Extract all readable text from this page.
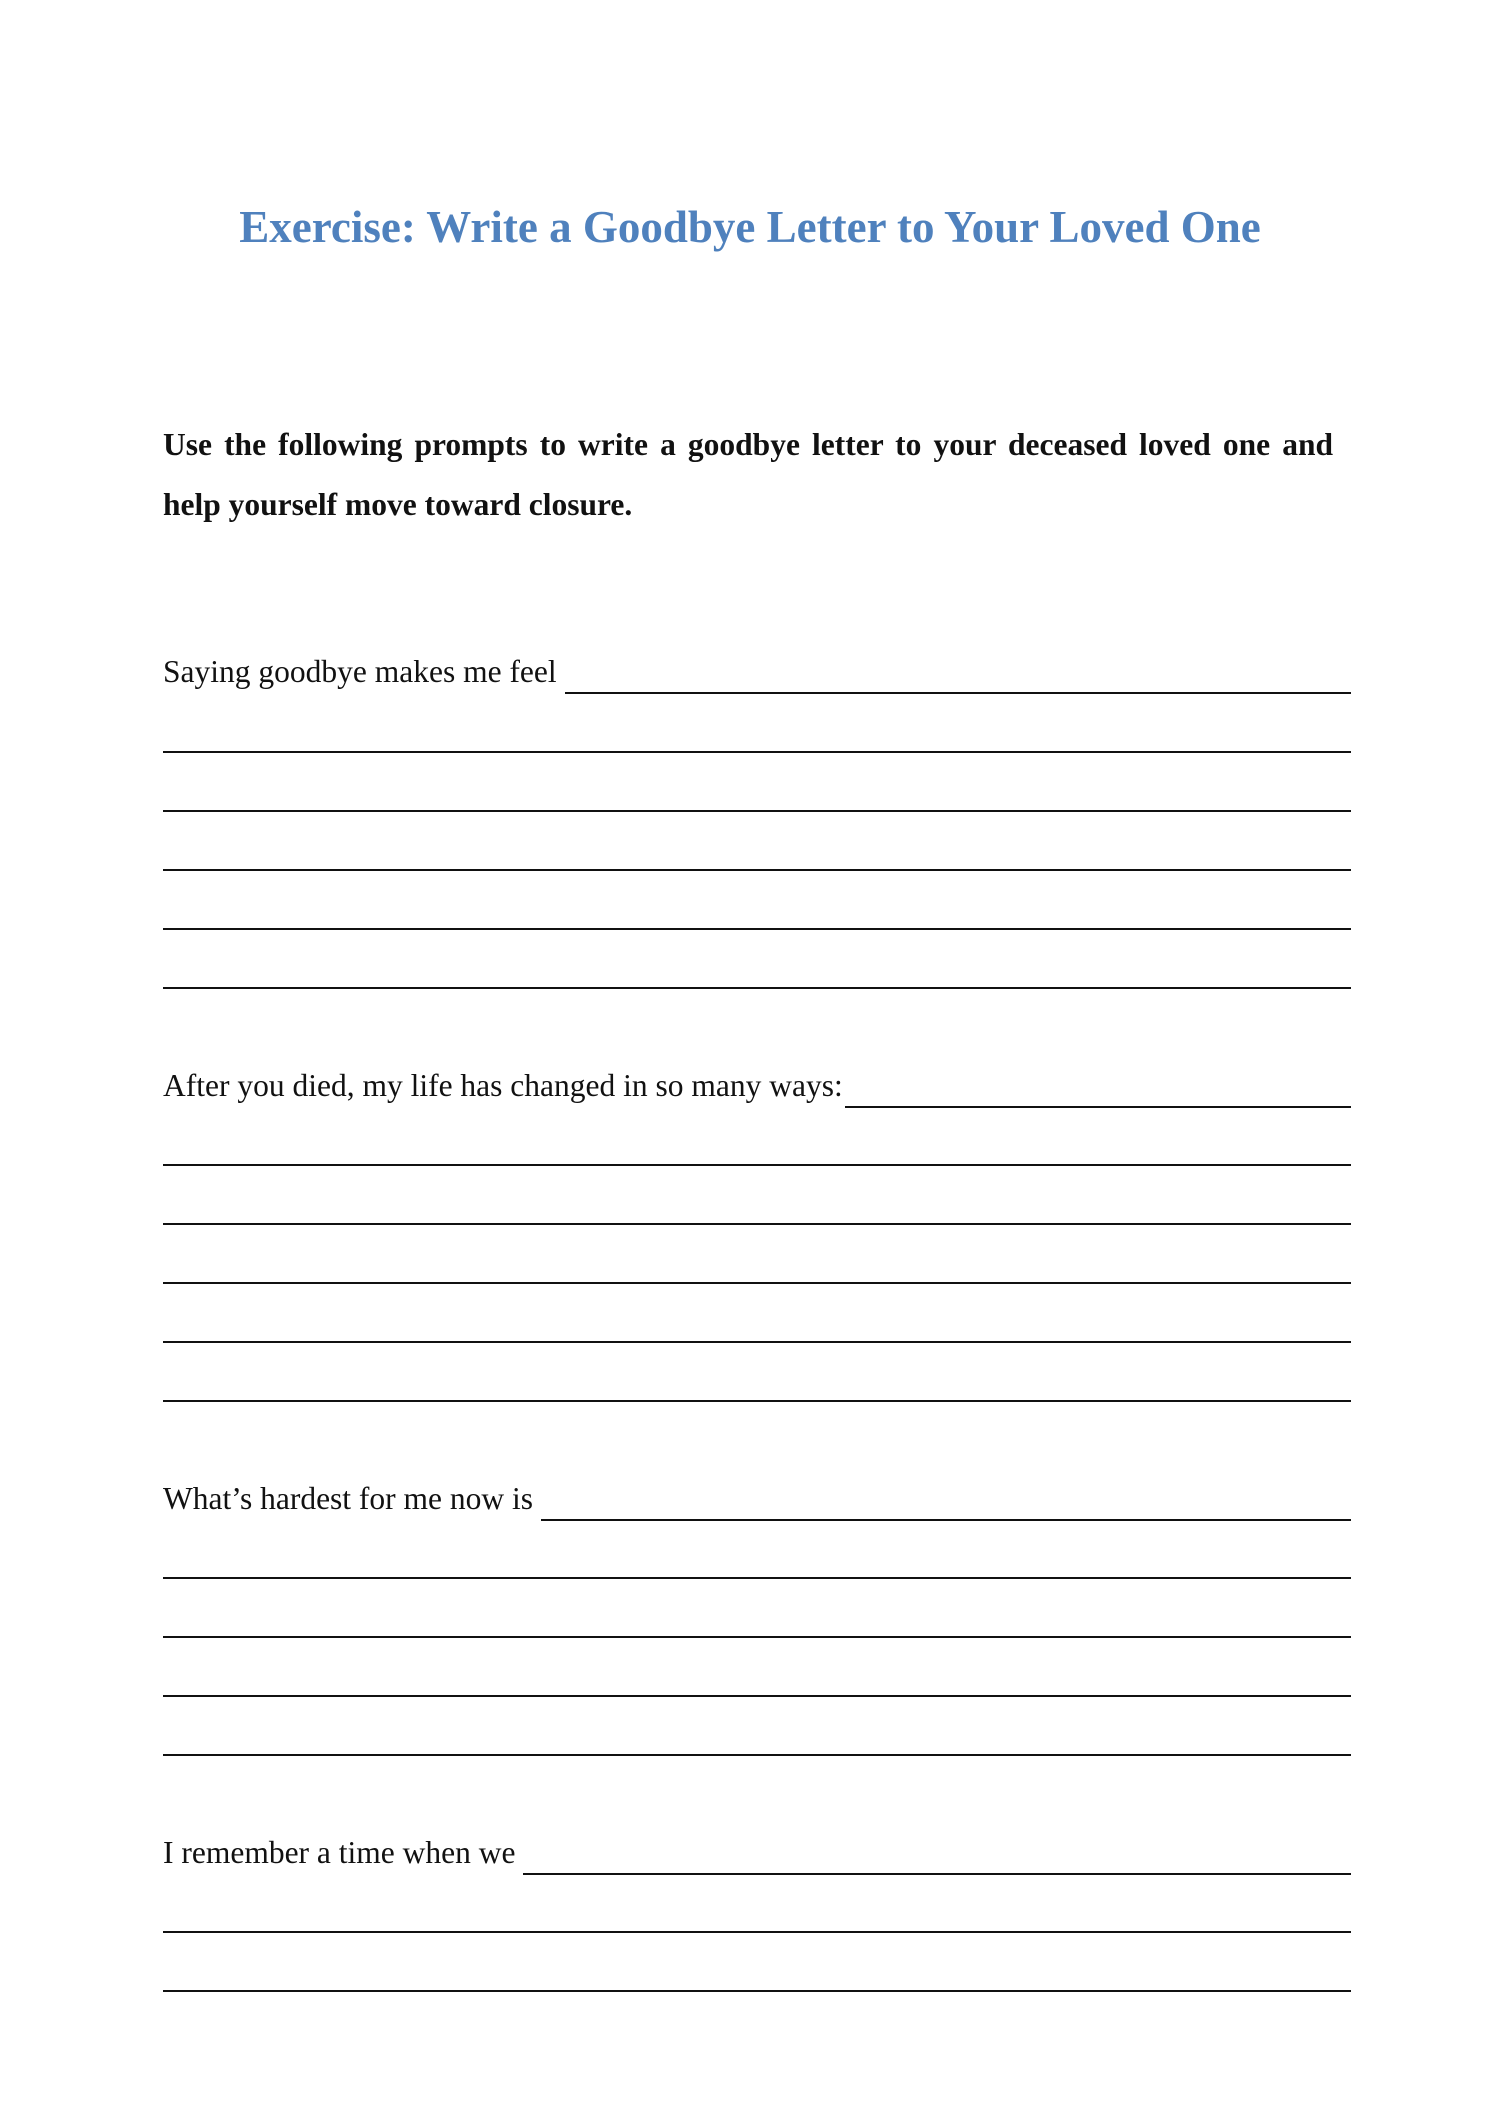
Exercise: Write a Goodbye Letter to Your Loved One

Use the following prompts to write a goodbye letter to your deceased loved one and help yourself move toward closure.

Saying goodbye makes me feel
After you died, my life has changed in so many ways:
What’s hardest for me now is
I remember a time when we
